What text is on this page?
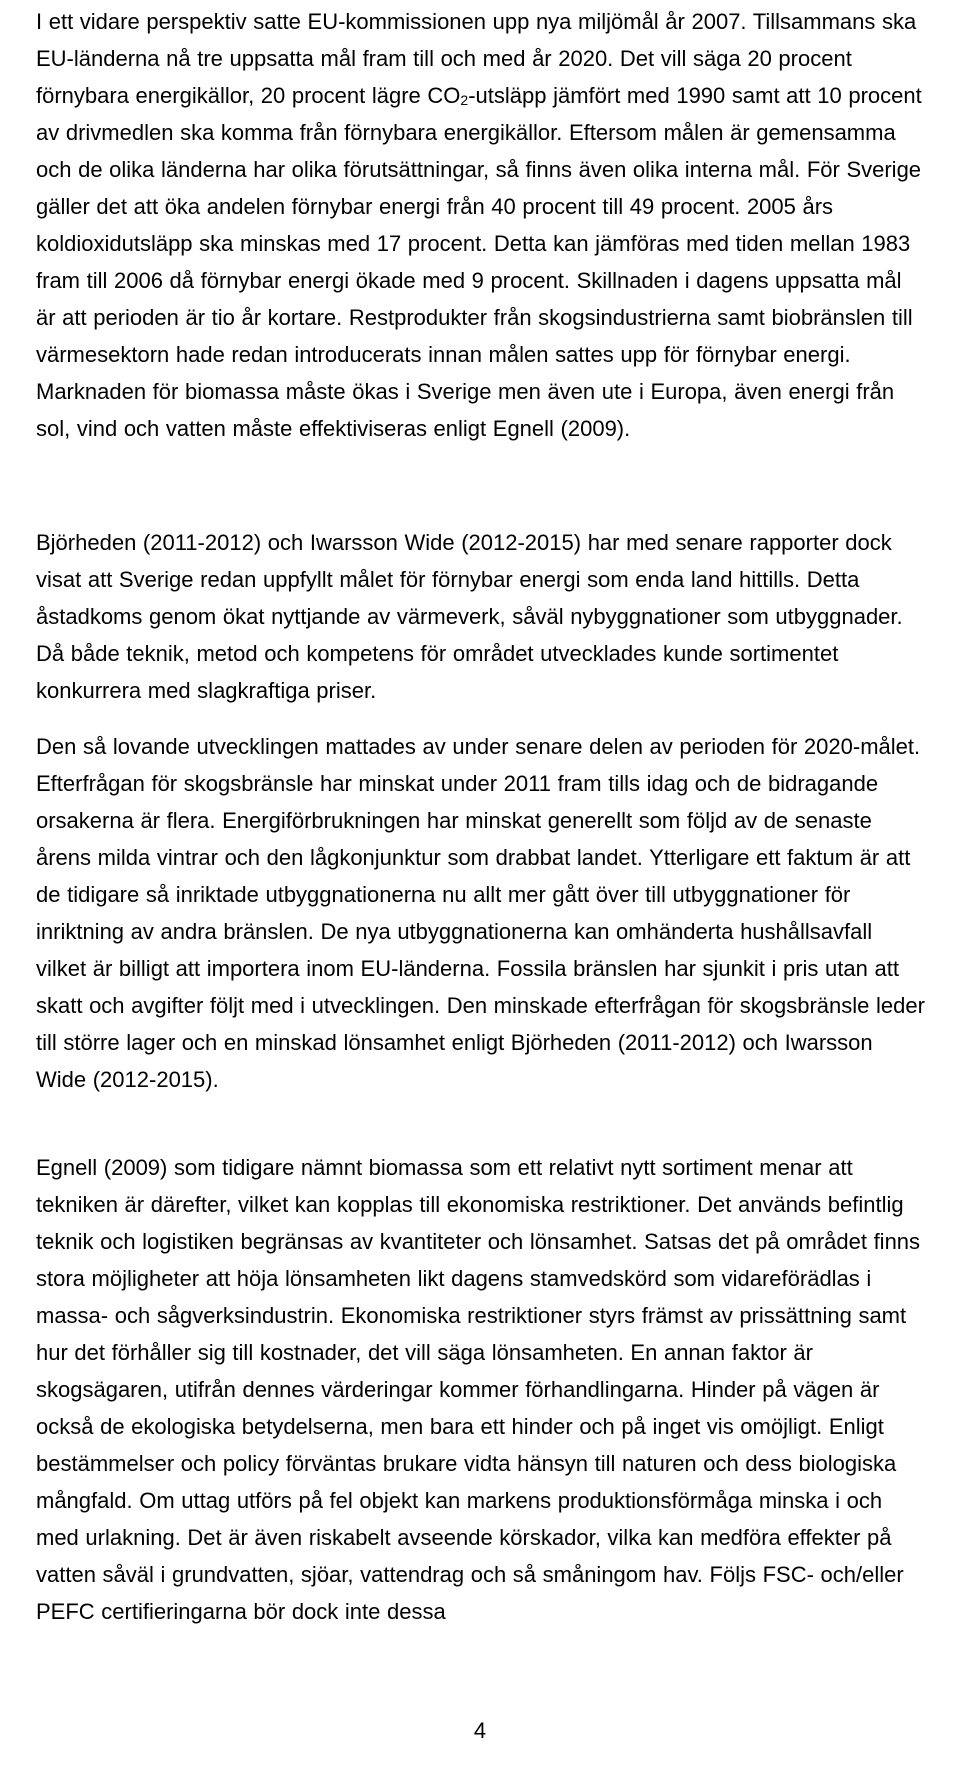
I ett vidare perspektiv satte EU-kommissionen upp nya miljömål år 2007. Tillsammans ska EU-länderna nå tre uppsatta mål fram till och med år 2020. Det vill säga 20 procent förnybara energikällor, 20 procent lägre $CO_2$-utsläpp jämfört med 1990 samt att 10 procent av drivmedlen ska komma från förnybara energikällor. Eftersom målen är gemensamma och de olika länderna har olika förutsättningar, så finns även olika interna mål. För Sverige gäller det att öka andelen förnybar energi från 40 procent till 49 procent. 2005 års koldioxidutsläpp ska minskas med 17 procent. Detta kan jämföras med tiden mellan 1983 fram till 2006 då förnybar energi ökade med 9 procent. Skillnaden i dagens uppsatta mål är att perioden är tio år kortare. Restprodukter från skogsindustrierna samt biobränslen till värmesektorn hade redan introducerats innan målen sattes upp för förnybar energi. Marknaden för biomassa måste ökas i Sverige men även ute i Europa, även energi från sol, vind och vatten måste effektiviseras enligt Egnell (2009).

Björheden (2011-2012) och Iwarsson Wide (2012-2015) har med senare rapporter dock visat att Sverige redan uppfyllt målet för förnybar energi som enda land hittills. Detta åstadkoms genom ökat nyttjande av värmeverk, såväl nybyggnationer som utbyggnader. Då både teknik, metod och kompetens för området utvecklades kunde sortimentet konkurrera med slagkraftiga priser.

Den så lovande utvecklingen mattades av under senare delen av perioden för 2020-målet. Efterfrågan för skogsbränsle har minskat under 2011 fram tills idag och de bidragande orsakerna är flera. Energiförbrukningen har minskat generellt som följd av de senaste årens milda vintrar och den lågkonjunktur som drabbat landet. Ytterligare ett faktum är att de tidigare så inriktade utbyggnationerna nu allt mer gått över till utbyggnationer för inriktning av andra bränslen. De nya utbyggnationerna kan omhänderta hushållsavfall vilket är billigt att importera inom EU-länderna. Fossila bränslen har sjunkit i pris utan att skatt och avgifter följt med i utvecklingen. Den minskade efterfrågan för skogsbränsle leder till större lager och en minskad lönsamhet enligt Björheden (2011-2012) och Iwarsson Wide (2012-2015).

Egnell (2009) som tidigare nämnt biomassa som ett relativt nytt sortiment menar att tekniken är därefter, vilket kan kopplas till ekonomiska restriktioner. Det används befintlig teknik och logistiken begränsas av kvantiteter och lönsamhet. Satsas det på området finns stora möjligheter att höja lönsamheten likt dagens stamvedskörd som vidareförädlas i massa- och sågverksindustrin. Ekonomiska restriktioner styrs främst av prissättning samt hur det förhåller sig till kostnader, det vill säga lönsamheten. En annan faktor är skogsägaren, utifrån dennes värderingar kommer förhandlingarna. Hinder på vägen är också de ekologiska betydelserna, men bara ett hinder och på inget vis omöjligt. Enligt bestämmelser och policy förväntas brukare vidta hänsyn till naturen och dess biologiska mångfald. Om uttag utförs på fel objekt kan markens produktionsförmåga minska i och med urlakning. Det är även riskabelt avseende körskador, vilka kan medföra effekter på vatten såväl i grundvatten, sjöar, vattendrag och så småningom hav. Följs FSC- och/eller PEFC certifieringarna bör dock inte dessa

4
